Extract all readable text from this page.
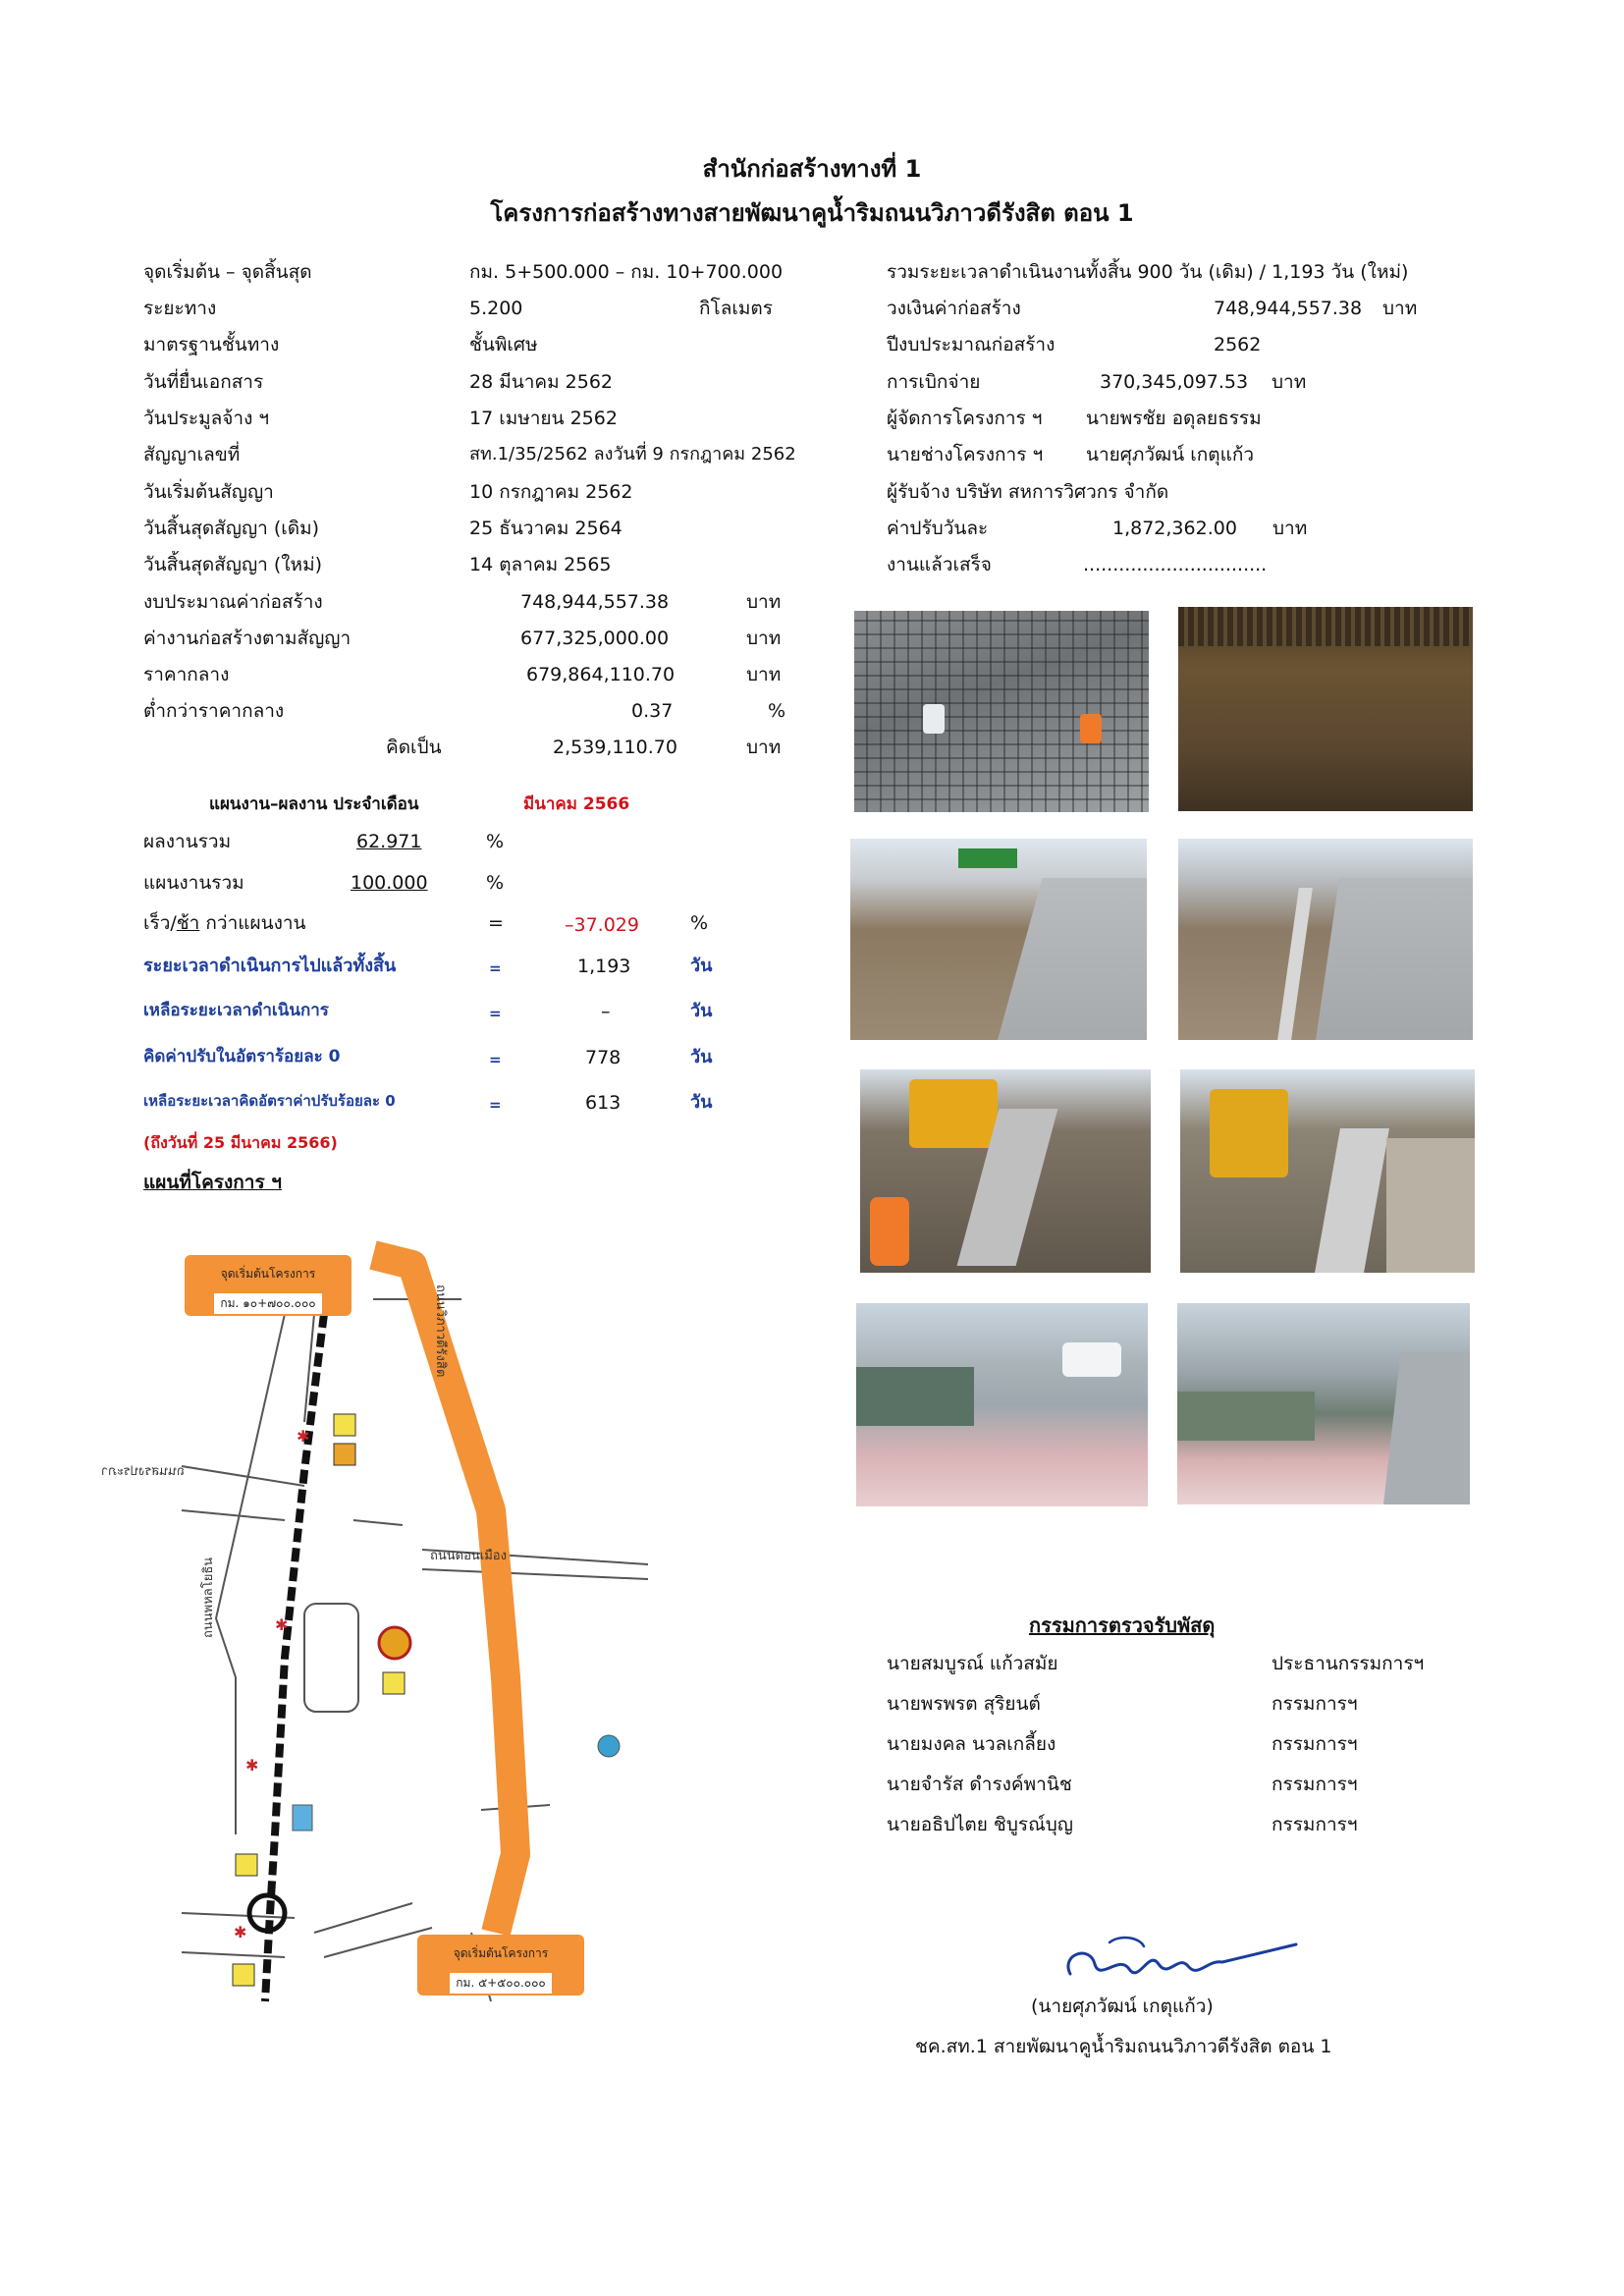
สำนักก่อสร้างทางที่ 1
โครงการก่อสร้างทางสายพัฒนาคูน้ำริมถนนวิภาวดีรังสิต ตอน 1
จุดเริ่มต้น – จุดสิ้นสุด	กม. 5+500.000 – กม. 10+700.000
ระยะทาง	5.200	กิโลเมตร
มาตรฐานชั้นทาง	ชั้นพิเศษ
วันที่ยื่นเอกสาร	28 มีนาคม 2562
วันประมูลจ้าง ฯ	17 เมษายน 2562
สัญญาเลขที่	สท.1/35/2562 ลงวันที่ 9 กรกฎาคม 2562
วันเริ่มต้นสัญญา	10 กรกฎาคม 2562
วันสิ้นสุดสัญญา (เดิม)	25 ธันวาคม 2564
วันสิ้นสุดสัญญา (ใหม่)	14 ตุลาคม 2565
งบประมาณค่าก่อสร้าง	748,944,557.38	บาท
ค่างานก่อสร้างตามสัญญา	677,325,000.00	บาท
ราคากลาง	679,864,110.70	บาท
ต่ำกว่าราคากลาง	0.37	%
คิดเป็น	2,539,110.70	บาท
รวมระยะเวลาดำเนินงานทั้งสิ้น 900 วัน (เดิม) / 1,193 วัน (ใหม่)
วงเงินค่าก่อสร้าง	748,944,557.38 บาท
ปีงบประมาณก่อสร้าง	2562
การเบิกจ่าย	370,345,097.53 บาท
ผู้จัดการโครงการ ฯ นายพรชัย อดุลยธรรม
นายช่างโครงการ ฯ นายศุภวัฒน์ เกตุแก้ว
ผู้รับจ้าง บริษัท สหการวิศวกร จำกัด
ค่าปรับวันละ	1,872,362.00 บาท
งานแล้วเสร็จ	...............................
แผนงาน–ผลงาน ประจำเดือน	มีนาคม 2566
ผลงานรวม	62.971	%
แผนงานรวม	100.000	%
เร็ว/ช้า กว่าแผนงาน	=	–37.029	%
ระยะเวลาดำเนินการไปแล้วทั้งสิ้น	=	1,193	วัน
เหลือระยะเวลาดำเนินการ	=	–	วัน
คิดค่าปรับในอัตราร้อยละ 0	=	778	วัน
เหลือระยะเวลาคิดอัตราค่าปรับร้อยละ 0	=	613	วัน
(ถึงวันที่ 25 มีนาคม 2566)
แผนที่โครงการ ฯ
✱
✱
✱
✱
ถนนพหลโยธิน
ถนนวิภาวดีรังสิต
ถนนสรงประภา
ถนนดอนเมือง
จุดเริ่มต้นโครงการ
กม. ๑๐+๗๐๐.๐๐๐
จุดเริ่มต้นโครงการ
กม. ๕+๕๐๐.๐๐๐
กรรมการตรวจรับพัสดุ
นายสมบูรณ์ แก้วสมัย	ประธานกรรมการฯ
นายพรพรต สุริยนต์	กรรมการฯ
นายมงคล นวลเกลี้ยง	กรรมการฯ
นายจำรัส ดำรงค์พานิช	กรรมการฯ
นายอธิปไตย ชิบูรณ์บุญ	กรรมการฯ
(นายศุภวัฒน์ เกตุแก้ว)
ชค.สท.1 สายพัฒนาคูน้ำริมถนนวิภาวดีรังสิต ตอน 1
